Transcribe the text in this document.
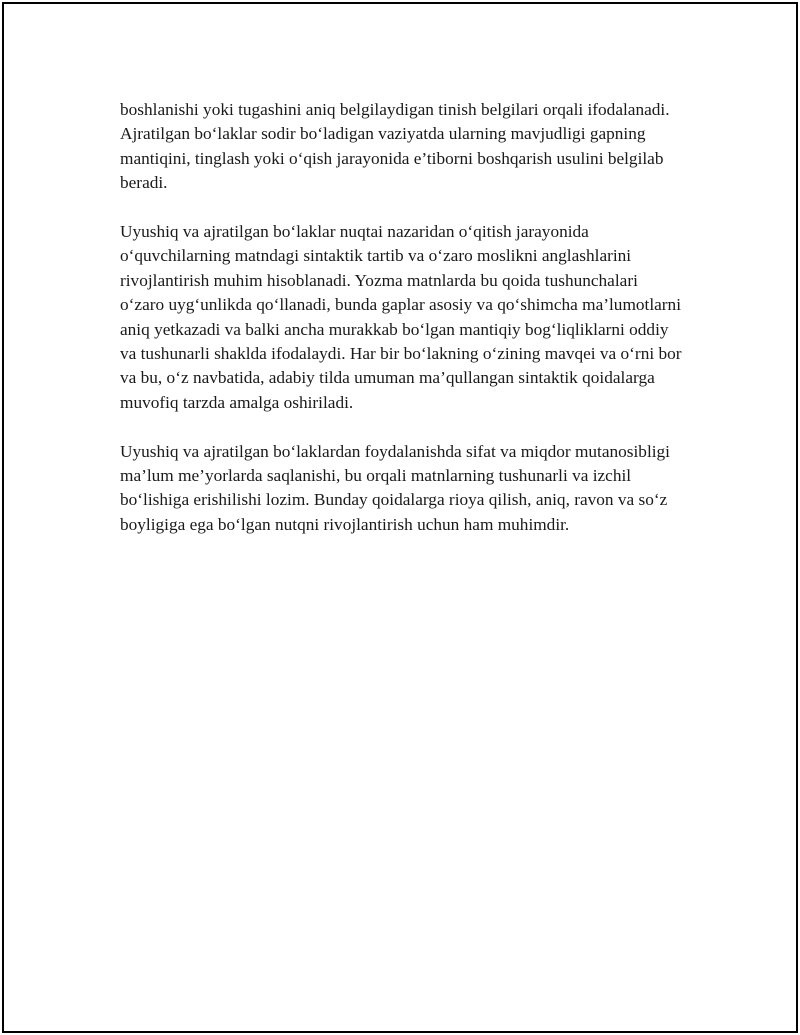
boshlanishi yoki tugashini aniq belgilaydigan tinish belgilari orqali ifodalanadi. Ajratilgan bo‘laklar sodir bo‘ladigan vaziyatda ularning mavjudligi gapning mantiqini, tinglash yoki o‘qish jarayonida e’tiborni boshqarish usulini belgilab beradi.

Uyushiq va ajratilgan bo‘laklar nuqtai nazaridan o‘qitish jarayonida o‘quvchilarning matndagi sintaktik tartib va o‘zaro moslikni anglashlarini rivojlantirish muhim hisoblanadi. Yozma matnlarda bu qoida tushunchalari o‘zaro uyg‘unlikda qo‘llanadi, bunda gaplar asosiy va qo‘shimcha ma’lumotlarni aniq yetkazadi va balki ancha murakkab bo‘lgan mantiqiy bog‘liqliklarni oddiy va tushunarli shaklda ifodalaydi. Har bir bo‘lakning o‘zining mavqei va o‘rni bor va bu, o‘z navbatida, adabiy tilda umuman ma’qullangan sintaktik qoidalarga muvofiq tarzda amalga oshiriladi.

Uyushiq va ajratilgan bo‘laklardan foydalanishda sifat va miqdor mutanosibligi ma’lum me’yorlarda saqlanishi, bu orqali matnlarning tushunarli va izchil bo‘lishiga erishilishi lozim. Bunday qoidalarga rioya qilish, aniq, ravon va so‘z boyligiga ega bo‘lgan nutqni rivojlantirish uchun ham muhimdir.
